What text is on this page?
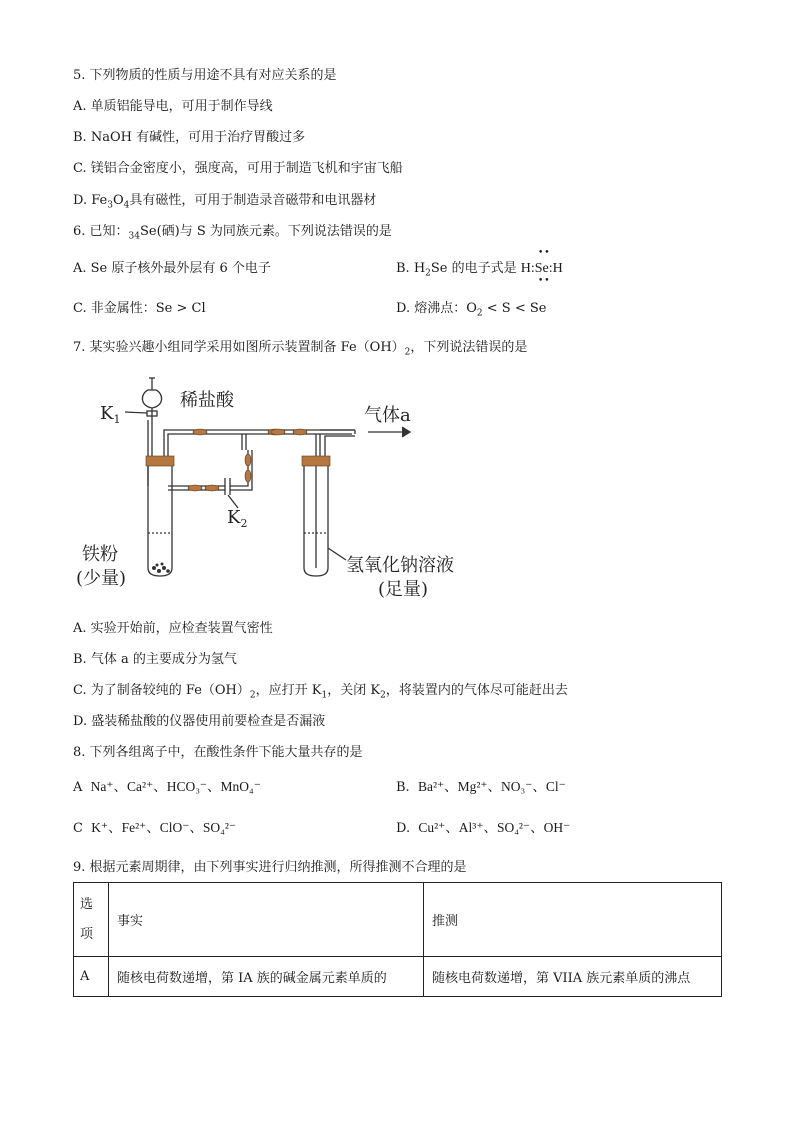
5. 下列物质的性质与用途不具有对应关系的是
A. 单质铝能导电，可用于制作导线
B. NaOH 有碱性，可用于治疗胃酸过多
C. 镁铝合金密度小，强度高，可用于制造飞机和宇宙飞船
D. $Fe_3O_4$具有磁性，可用于制造录音磁带和电讯器材
6. 已知：$_{34}$Se(硒)与 S 为同族元素。下列说法错误的是
A. Se 原子核外最外层有 6 个电子	B. $H_2Se$ 的电子式是 H:Se:H
••
••
C. 非金属性：Se > Cl	D. 熔沸点：$O_2 < S < Se$
7. 某实验兴趣小组同学采用如图所示装置制备 $Fe(OH)_2$，下列说法错误的是
$K_1$
稀盐酸
气体a
$K_2$
铁粉
(少量)
氢氧化钠溶液
(足量)
A. 实验开始前，应检查装置气密性
B. 气体 a 的主要成分为氢气
C. 为了制备较纯的 $Fe(OH)_2$，应打开 $K_1$，关闭 $K_2$，将装置内的气体尽可能赶出去
D. 盛装稀盐酸的仪器使用前要检查是否漏液
8. 下列各组离子中，在酸性条件下能大量共存的是
A Na⁺、Ca²⁺、HCO₃⁻、MnO₄⁻	B. Ba²⁺、Mg²⁺、NO₃⁻、Cl⁻
C K⁺、Fe²⁺、ClO⁻、SO₄²⁻	D. Cu²⁺、Al³⁺、SO₄²⁻、OH⁻
9. 根据元素周期律，由下列事实进行归纳推测，所得推测不合理的是
选项	事实	推测
A	随核电荷数递增，第 IA 族的碱金属元素单质的	随核电荷数递增，第 VIIA 族元素单质的沸点
